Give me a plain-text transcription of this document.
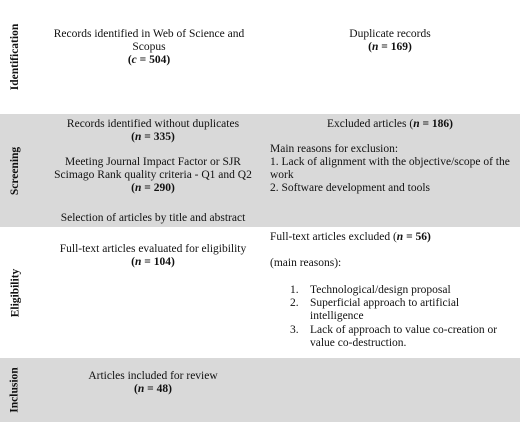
Identification	Records identified in Web of Science and Scopus
(c = 504)
Duplicate records
(n = 169)
Screening
Records identified without duplicates
(n = 335)
Meeting Journal Impact Factor or SJR Scimago Rank quality criteria - Q1 and Q2
(n = 290)
Selection of articles by title and abstract
Excluded articles (n = 186)
Main reasons for exclusion:
1. Lack of alignment with the objective/scope of the work
2. Software development and tools
Eligibility
Full-text articles evaluated for eligibility
(n = 104)
Full-text articles excluded (n = 56)
(main reasons):
1. Technological/design proposal
2. Superficial approach to artificial intelligence
3. Lack of approach to value co-creation or value co-destruction.
Inclusion	Articles included for review
(n = 48)
